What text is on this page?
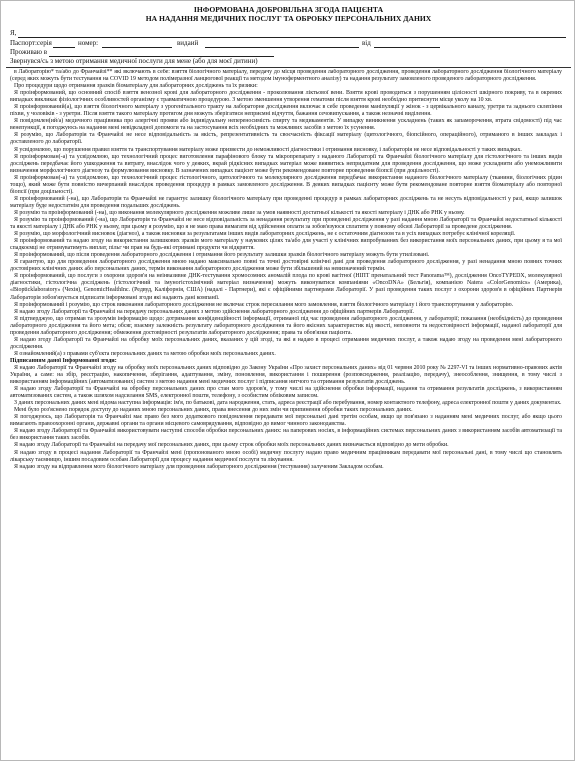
ІНФОРМОВАНА ДОБРОВІЛЬНА ЗГОДА ПАЦІЄНТА
НА НАДАННЯ МЕДИЧНИХ ПОСЛУГ ТА ОБРОБКУ ПЕРСОНАЛЬНИХ ДАНИХ
Я,
Паспорт:серія	номер:	видаий	від
Проживаю в
Звернувся/сь з метою отримання медичної послуги для мене (або для моєї дитини)

в Лабораторію* та/або до Франчайзі** які включають в себе: взяття біологічного матеріалу, передачу до місця проведення лабораторного дослідження, проведення лабораторного дослідження біологічного матеріалу (серед яких можуть бути тестування на COVID 19 методом полімеразної ланцюгової реакції та методом імуноферментного аналізу) та надання результату замовленого проведеного лабораторного дослідження.

Про процедури щодо отримання зразків біоматеріалу для лабораторних досліджень та їх ризики:

Я проінформований, що основний спосіб взяття венозної крові для лабораторного дослідження - проколювання ліктьової вени. Взяття крові проводиться з порушенням цілісності шкірного покриву, та в окремих випадках викликає фізіологічних особливостей організму є травматичною процедурою. З метою зменшення утворення гематоми після взяття крові необхідно притиснути місце уколу на 10 хв.

Я проінформований(а), що взяття біологічного матеріалу з урогенітального тракту на лабораторне дослідження включає в себе проведення маніпуляції у жінок - з цервікального каналу, уретри та заднього склепіння піхви, у чоловіків - з уретри. Після взяття такого матеріалу протягом дня можуть зберігатися неприємні відчуття, бажання сечовипускання, а також незначні виділення.

Я повідомлен(ий/а) медичного працівника про алергічні прояви або індивідуальну непереносимість спирту та медикаментів. У випадку виникнення ускладнень (таких як запаморочення, втрата свідомості) під час венепункції, я погоджуюсь на надання мені невідкладної допомоги та на застосування всіх необхідних та можливих засобів з метою їх усунення.

Я розумію, що Лабораторія та Франчайзі не несе відповідальність за якість, репрезентативність та своєчасність фіксації матеріалу (цитологічного, біопсійного, операційного), отриманого в інших закладах і доставленого до лабораторії.

Я усвідомлюю, що порушення правил взяття та транспортування матеріалу може призвести до неможливості діагностики і отримання висновку, і лабораторія не несе відповідальності у таких випадках.

Я проінформован(-а) та усвідомлюю, що технологічний процес виготовлення парафінового блоку та мікропрепарату з наданого Лабораторії та Франчайзі біологічного матеріалу для гістологічного та інших видів досліджень передбачає його ушкодження та витрату, внаслідок чого у деяких, вкрай рідкісних випадках матеріал може виявитись непридатним для проведення дослідження, що може ускладнити або унеможливити визначення морфологічного діагнозу та формулювання висновку. В зазначених випадках пацієнт може бути рекомендоване повторне проведення біопсії (при доцільності).

Я проінформован(-а) та усвідомлюю, що технологічний процес гістологічного, цитологічного та молекулярного дослідження передбачає використання наданого біологічного матеріалу (тканини, біологічних рідин тощо), який може бути повністю вичерпаний внаслідок проведення процедур в рамках замовленого дослідження. В деяких випадках пацієнту може бути рекомендоване повторне взяття біоматеріалу або повторної біопсії (при доцільності).

Я проінформований (-на), що Лабораторія та Франчайзі не гарантує залишку біологічного матеріалу при проведенні процедур в рамках лабораторних досліджень та не несуть відповідальності у разі, якщо залишок матеріалу буде недостатнім для проведення подальших досліджень.

Я розумію та проінформований (-на), що виконання молекулярного дослідження можливе лише за умов наявності достатньої кількості та якості матеріалу і ДНК або РНК у ньому.

Я розумію та проінформований (-на), що Лабораторія та Франчайзі не несе відповідальність за ненадання результату при проведенні дослідження у разі надання мною Лабораторії та Франчайзі недостатньої кількості та якості матеріалу і ДНК або РНК у ньому, при цьому я розумію, що я не маю права вимагати від здійснення оплати за зобов'язуюся сплатити у повному обсязі Лабораторії за проведене дослідження.

Я розумію, що морфологічний висновок (діагноз), а також висновки за результатами інших видів лабораторних досліджень, не є остаточним діагнозом та в усіх випадках потребує клінічної кореляції.

Я проінформований та надаю згоду на використання залишкових зразків мого матеріалу у наукових цілях та/або для участі у клінічних випробуваннях без використання моїх персональних даних, при цьому я та мої спадкоємці не отримуватимуть виплат, пільг чи прав на будь-які отримані продукти чи відкриття.

Я проінформований, що після проведення лабораторного дослідження і отримання його результату залишки зразків біологічного матеріалу можуть бути утилізовані.

Я гарантую, що для проведення лабораторного дослідження мною надано максимально повні та точні достовірні клінічні дані для проведення лабораторного дослідження, у разі ненадання мною повних точних достовірних клінічних даних або персональних даних, термін виконання лабораторного дослідження може бути збільшений на невизначений термін.

Я проінформований, що послуги з охорони здоров'я на неінвазивне ДНК-тестування хромосомних аномалій плода по крові вагітної (НІПТ пренатальний тест Panorama™), дослідження OncoTYPEDX, молекулярної діагностики, гістологічна досліджень (гістологічний та імуногістохімічний матеріал визначення) можуть виконуватися компаніями «OncoDNA» (Бельгія), компанією Natera «ColorGenomics» (Америка), «Biopticklaboratory» (Чехія), GenomicHealthInc. (Редвуд, Каліфорнія, США) (надалі - Партнери), які є офіційними партнерами Лабораторії. У разі проведення таких послуг з охорони здоров'я в офіційних Партнерів Лабораторія зобов'язується підписати інформовані згоди які надають дані компанії.

Я проінформований і розумію, що строк виконання лабораторного дослідження не включає строк пересилання мого замовлення, взяття біологічного матеріалу і його транспортування у лабораторію.

Я надаю згоду Лабораторії та Франчайзі на передачу персональних даних з метою здійснення лабораторного дослідження до офіційних партнерів Лабораторії.

Я підтверджую, що отримав та зрозумів інформацію щодо: дотримання конфіденційності інформації, отриманої під час проведення лабораторного дослідження, у лабораторії; показання (необхідність) до проведення лабораторного дослідження та його мета; обсяг, взаємну залежність результату лабораторного дослідження та його якісних характеристик від якості, неповноти та недостовірності інформації, наданої лабораторії для проведення лабораторного дослідження; обмеження достовірності результатів лабораторного дослідження; права та обов'язки пацієнта.

Я надаю згоду Лабораторії та Франчайзі на обробку моїх персональних даних, вказаних у цій згоді, та які я надаю в процесі отримання медичних послуг, а також надаю згоду на проведення мені лабораторного дослідження.

Я ознайомлений(а) з правами суб'єкта персональних даних та метою обробки моїх персональних даних.

Підписанням даної Інформованої згоди:

Я надаю Лабораторії та Франчайзі згоду на обробку моїх персональних даних відповідно до Закону України «Про захист персональних даних» від 01 червня 2010 року № 2297-VI та інших нормативно-правових актів України, а саме: на збір, реєстрацію, накопичення, зберігання, адаптування, зміну, поновлення, використання і поширення (розповсюдження, реалізацію, передачу), знеособлення, знищення, в тому числі з використанням інформаційних (автоматизованих) систем з метою надання мені медичних послуг і підписання нитчого та отримання результатів досліджень.

Я надаю згоду Лабораторії та Франчайзі на обробку персональних даних про стан мого здоров'я, у тому числі на здійснення обробки інформації, надання та отримання результатів досліджень, з використанням автоматизованих систем, а також шляхом надсилання SMS, електронної пошти, телефону, з особистим обліковим записом.

З даних персональних даних мені відома наступна інформація: ім'я, по батькові, дата народження, стать, адреса реєстрації або перебування, номер контактного телефону, адреса електронної пошти у даних документах.

Мені було роз'яснено порядок доступу до наданих мною персональних даних, права внесення до них змін чи припинення обробки таких персональних даних.

Я погоджуюсь, що Лабораторія та Франчайзі має право без мого додаткового повідомлення передавати мої персональні дані третім особам, якщо це пов'язано з наданням мені медичних послуг, або якщо цього вимагають правоохоронні органи, державні органи та органи місцевого самоврядування, відповідно до вимог чинного законодавства.

Я надаю згоду Лабораторії та Франчайзі використовувати наступні способи обробки персональних даних: на паперових носіях, в інформаційних системах персональних даних з використанням засобів автоматизації та без використання таких засобів.

Я надаю згоду Лабораторії та Франчайзі на передачу мої персональних даних, при цьому строк обробки моїх персональних даних визначається відповідно до мети обробки.

Я надаю згоду в процесі надання Лабораторії та Франчайзі мені (пропонованого мною особі) медичну послугу надаю право медичним працівникам передавати мої персональні дані, в тому числі що становлять лікарську таємницю, іншим посадовим особам Лабораторії для процесу надання медичної послуги та лікування.

Я надаю згоду на відправлення мого біологічного матеріалу для проведення лабораторного дослідження (тестування) залученим Закладом особам.
